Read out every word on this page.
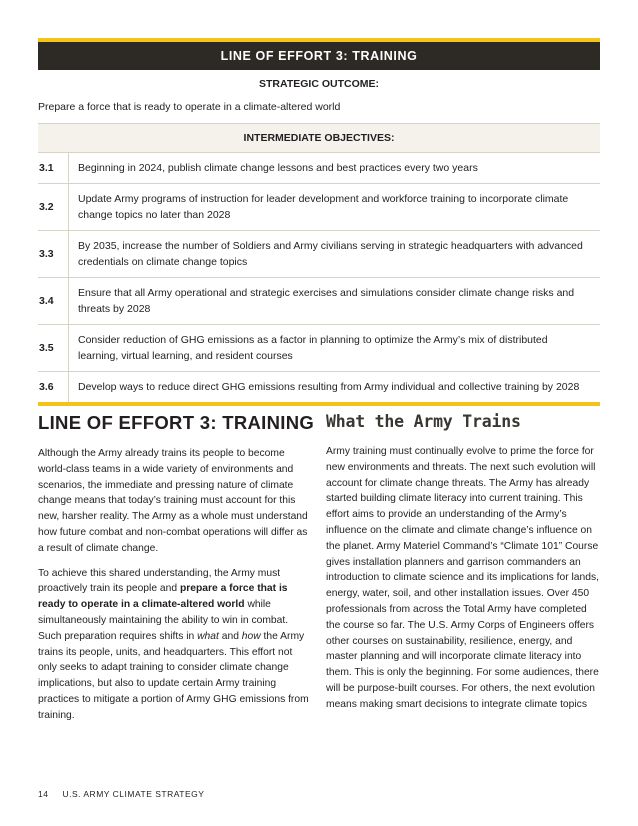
LINE OF EFFORT 3: TRAINING
STRATEGIC OUTCOME:
Prepare a force that is ready to operate in a climate-altered world
INTERMEDIATE OBJECTIVES:
3.1	Beginning in 2024, publish climate change lessons and best practices every two years
3.2
Update Army programs of instruction for leader development and workforce training to incorporate climate change topics no later than 2028
3.3
By 2035, increase the number of Soldiers and Army civilians serving in strategic headquarters with advanced credentials on climate change topics
3.4
Ensure that all Army operational and strategic exercises and simulations consider climate change risks and threats by 2028
3.5
Consider reduction of GHG emissions as a factor in planning to optimize the Army’s mix of distributed learning, virtual learning, and resident courses
3.6	Develop ways to reduce direct GHG emissions resulting from Army individual and collective training by 2028
LINE OF EFFORT 3: TRAINING

Although the Army already trains its people to become world-class teams in a wide variety of environments and scenarios, the immediate and pressing nature of climate change means that today’s training must account for this new, harsher reality. The Army as a whole must understand how future combat and non-combat operations will differ as a result of climate change.

To achieve this shared understanding, the Army must proactively train its people and prepare a force that is ready to operate in a climate-altered world while simultaneously maintaining the ability to win in combat. Such preparation requires shifts in what and how the Army trains its people, units, and headquarters. This effort not only seeks to adapt training to consider climate change implications, but also to update certain Army training practices to mitigate a portion of Army GHG emissions from training.

What the Army Trains

Army training must continually evolve to prime the force for new environments and threats. The next such evolution will account for climate change threats. The Army has already started building climate literacy into current training. This effort aims to provide an understanding of the Army’s influence on the climate and climate change’s influence on the planet. Army Materiel Command’s “Climate 101” Course gives installation planners and garrison commanders an introduction to climate science and its implications for lands, energy, water, soil, and other installation issues. Over 450 professionals from across the Total Army have completed the course so far. The U.S. Army Corps of Engineers offers other courses on sustainability, resilience, energy, and master planning and will incorporate climate literacy into them. This is only the beginning. For some audiences, there will be purpose-built courses. For others, the next evolution means making smart decisions to integrate climate topics

14 U.S. ARMY CLIMATE STRATEGY
